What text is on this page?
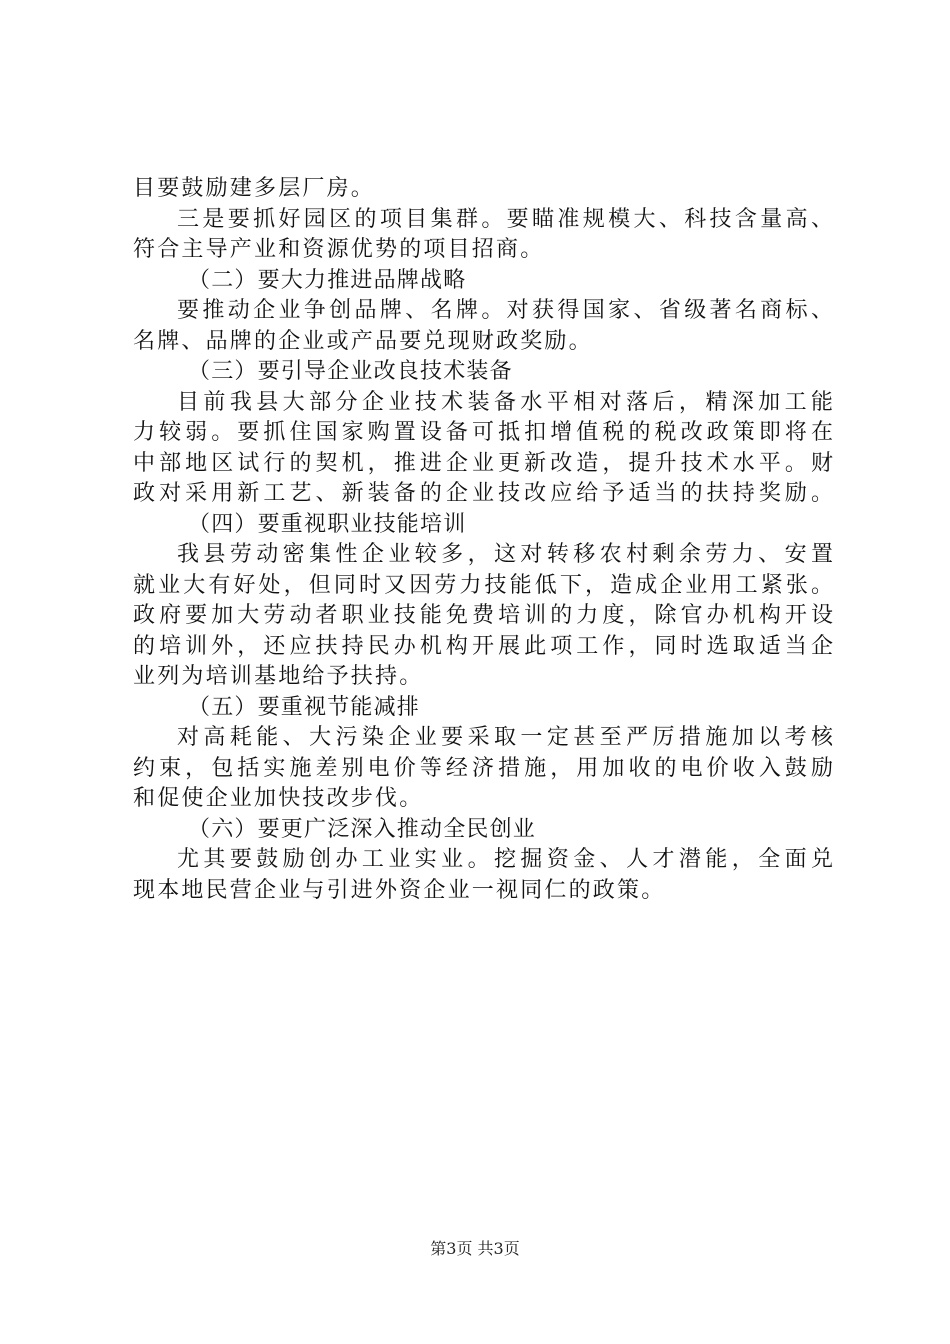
目要鼓励建多层厂房。
三是要抓好园区的项目集群。要瞄准规模大、科技含量高、
符合主导产业和资源优势的项目招商。
（二）要大力推进品牌战略
要推动企业争创品牌、名牌。对获得国家、省级著名商标、
名牌、品牌的企业或产品要兑现财政奖励。
（三）要引导企业改良技术装备
目前我县大部分企业技术装备水平相对落后，精深加工能
力较弱。要抓住国家购置设备可抵扣增值税的税改政策即将在
中部地区试行的契机，推进企业更新改造，提升技术水平。财
政对采用新工艺、新装备的企业技改应给予适当的扶持奖励。
（四）要重视职业技能培训
我县劳动密集性企业较多，这对转移农村剩余劳力、安置
就业大有好处，但同时又因劳力技能低下，造成企业用工紧张。
政府要加大劳动者职业技能免费培训的力度，除官办机构开设
的培训外，还应扶持民办机构开展此项工作，同时选取适当企
业列为培训基地给予扶持。
（五）要重视节能减排
对高耗能、大污染企业要采取一定甚至严厉措施加以考核
约束，包括实施差别电价等经济措施，用加收的电价收入鼓励
和促使企业加快技改步伐。
（六）要更广泛深入推动全民创业
尤其要鼓励创办工业实业。挖掘资金、人才潜能，全面兑
现本地民营企业与引进外资企业一视同仁的政策。
第3页 共3页
